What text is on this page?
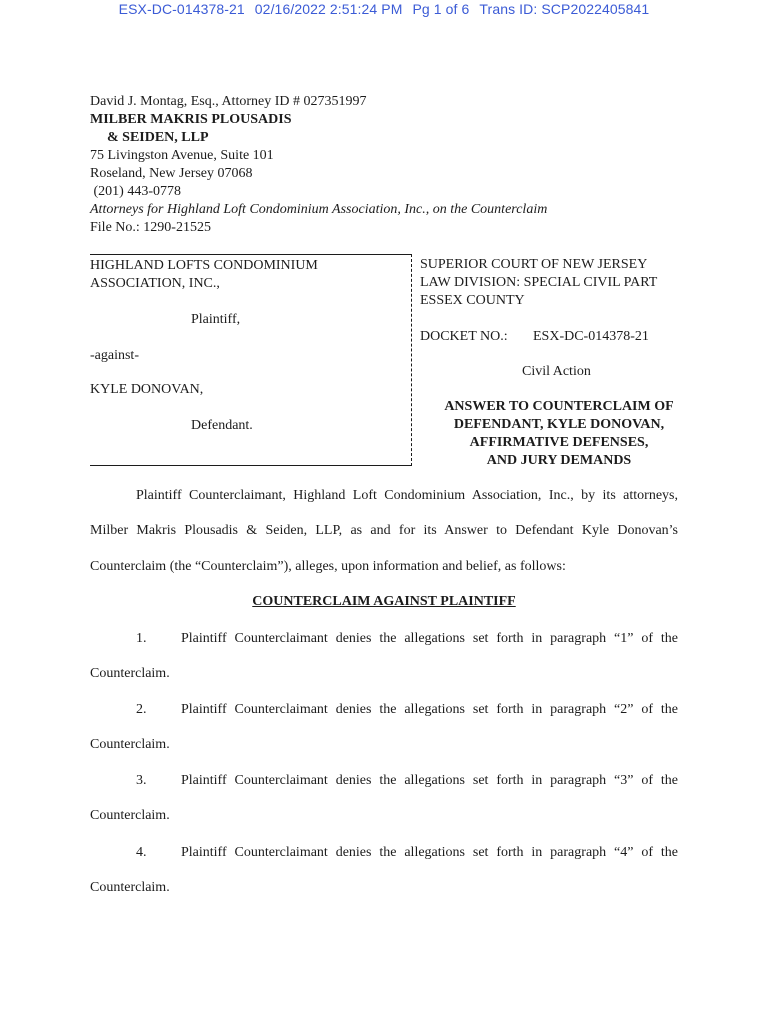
ESX-DC-014378-21 02/16/2022 2:51:24 PM Pg 1 of 6 Trans ID: SCP2022405841
David J. Montag, Esq., Attorney ID # 027351997
MILBER MAKRIS PLOUSADIS
& SEIDEN, LLP
75 Livingston Avenue, Suite 101
Roseland, New Jersey 07068
(201) 443-0778
Attorneys for Highland Loft Condominium Association, Inc., on the Counterclaim
File No.: 1290-21525
HIGHLAND LOFTS CONDOMINIUM
ASSOCIATION, INC.,
Plaintiff,
-against-
KYLE DONOVAN,
Defendant.
SUPERIOR COURT OF NEW JERSEY
LAW DIVISION: SPECIAL CIVIL PART
ESSEX COUNTY
DOCKET NO.: ESX-DC-014378-21
Civil Action
ANSWER TO COUNTERCLAIM OF
DEFENDANT, KYLE DONOVAN,
AFFIRMATIVE DEFENSES,
AND JURY DEMANDS
Plaintiff Counterclaimant, Highland Loft Condominium Association, Inc., by its attorneys,
Milber Makris Plousadis & Seiden, LLP, as and for its Answer to Defendant Kyle Donovan’s
Counterclaim (the “Counterclaim”), alleges, upon information and belief, as follows:
COUNTERCLAIM AGAINST PLAINTIFF
1. Plaintiff Counterclaimant denies the allegations set forth in paragraph “1” of the
Counterclaim.
2. Plaintiff Counterclaimant denies the allegations set forth in paragraph “2” of the
Counterclaim.
3. Plaintiff Counterclaimant denies the allegations set forth in paragraph “3” of the
Counterclaim.
4. Plaintiff Counterclaimant denies the allegations set forth in paragraph “4” of the
Counterclaim.
